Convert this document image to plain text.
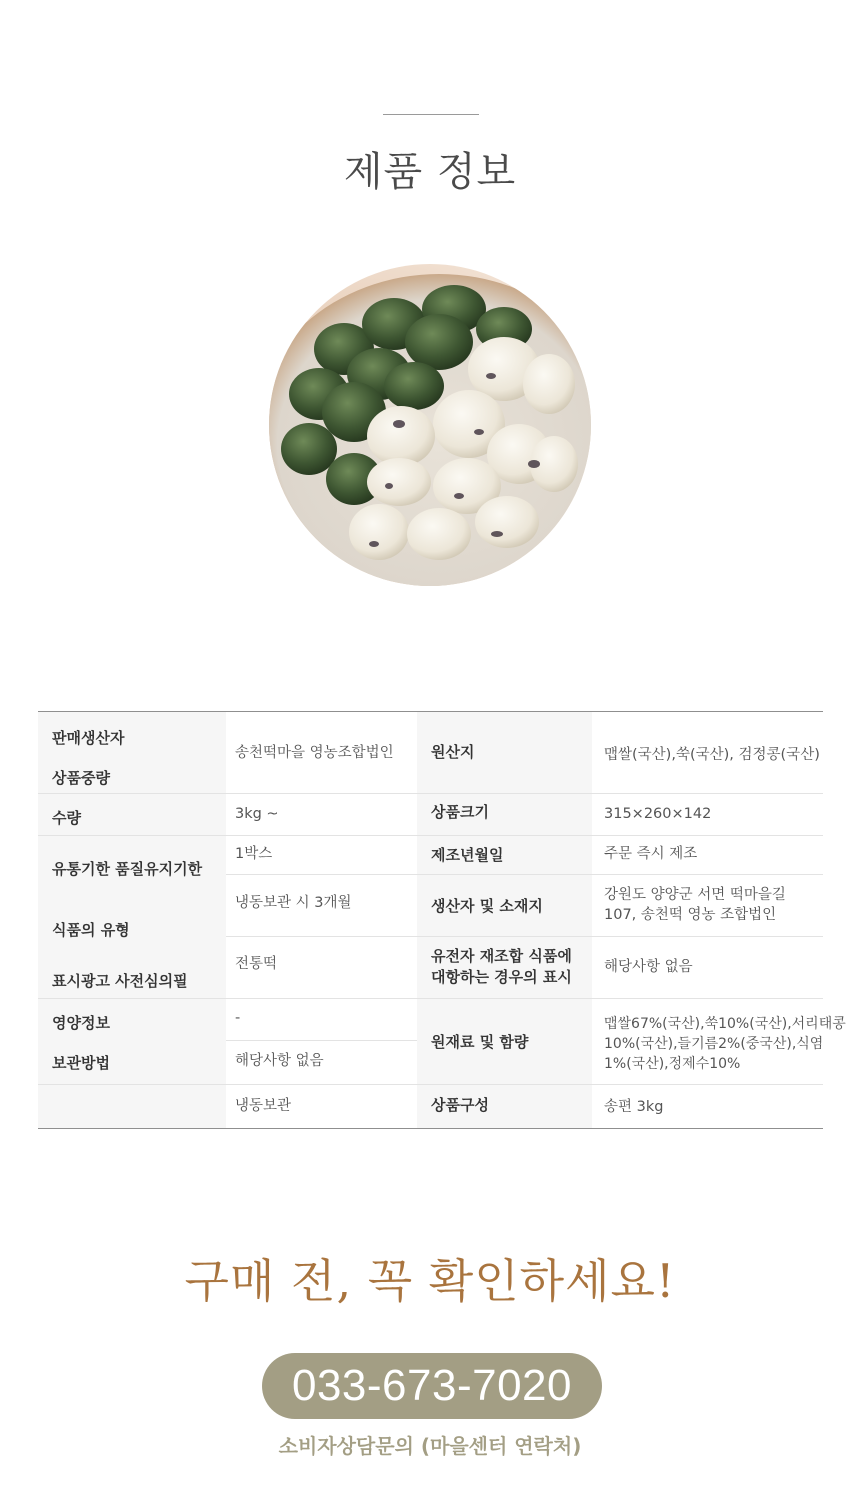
제품 정보
판매생산자
상품중량
수량
유통기한 품질유지기한
식품의 유형
표시광고 사전심의필
영양정보
보관방법
송천떡마을 영농조합법인
3kg ~
1박스
냉동보관 시 3개월
전통떡
-
해당사항 없음
냉동보관
원산지
상품크기
제조년월일
생산자 및 소재지
유전자 재조합 식품에
대항하는 경우의 표시
원재료 및 함량
상품구성
맵쌀(국산),쑥(국산), 검정콩(국산)
315×260×142
주문 즉시 제조
강원도 양양군 서면 떡마을길
107, 송천떡 영농 조합법인
해당사항 없음
맵쌀67%(국산),쑥10%(국산),서리태콩
10%(국산),들기름2%(중국산),식염
1%(국산),정제수10%
송편 3kg
구매 전, 꼭 확인하세요!
033-673-7020
소비자상담문의 (마을센터 연락처)
